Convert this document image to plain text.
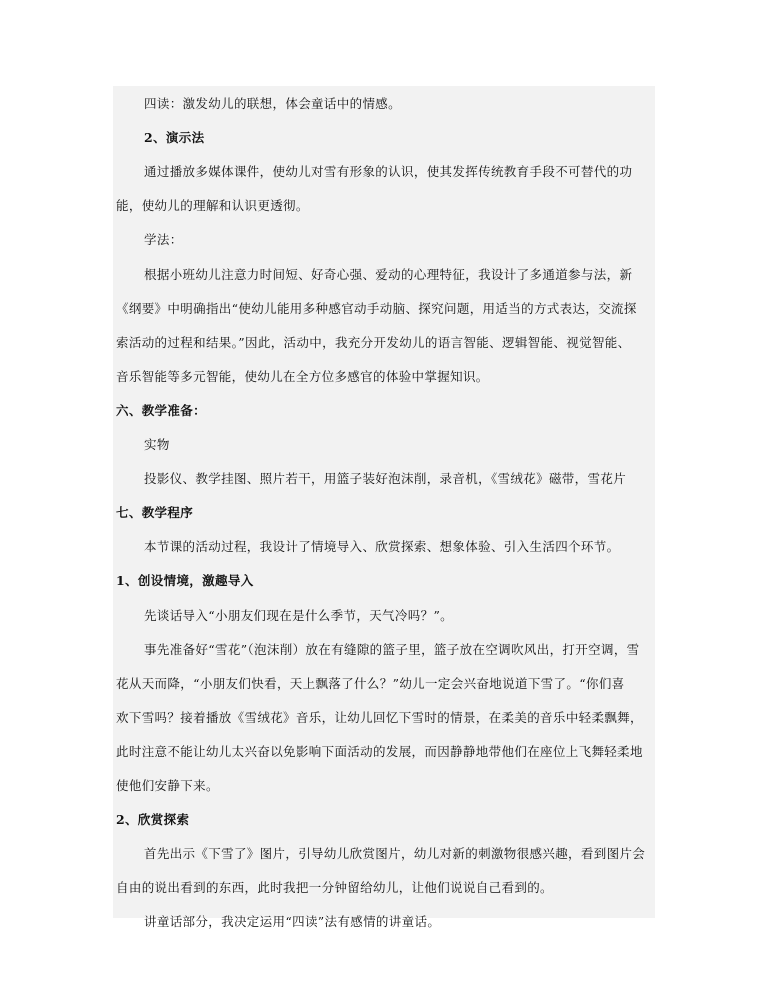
四读：激发幼儿的联想，体会童话中的情感。
2、演示法
通过播放多媒体课件，使幼儿对雪有形象的认识，使其发挥传统教育手段不可替代的功
能，使幼儿的理解和认识更透彻。
学法：
根据小班幼儿注意力时间短、好奇心强、爱动的心理特征，我设计了多通道参与法，新
《纲要》中明确指出“使幼儿能用多种感官动手动脑、探究问题，用适当的方式表达，交流探
索活动的过程和结果。”因此，活动中，我充分开发幼儿的语言智能、逻辑智能、视觉智能、
音乐智能等多元智能，使幼儿在全方位多感官的体验中掌握知识。
六、教学准备：
实物
投影仪、教学挂图、照片若干，用篮子装好泡沫削，录音机，《雪绒花》磁带，雪花片
七、教学程序
本节课的活动过程，我设计了情境导入、欣赏探索、想象体验、引入生活四个环节。
1、创设情境，激趣导入
先谈话导入“小朋友们现在是什么季节，天气冷吗？”。
事先准备好“雪花”（泡沫削）放在有缝隙的篮子里，篮子放在空调吹风出，打开空调，雪
花从天而降，“小朋友们快看，天上飘落了什么？”幼儿一定会兴奋地说道下雪了。“你们喜
欢下雪吗？接着播放《雪绒花》音乐，让幼儿回忆下雪时的情景，在柔美的音乐中轻柔飘舞，
此时注意不能让幼儿太兴奋以免影响下面活动的发展，而因静静地带他们在座位上飞舞轻柔地
使他们安静下来。
2、欣赏探索
首先出示《下雪了》图片，引导幼儿欣赏图片，幼儿对新的刺激物很感兴趣，看到图片会
自由的说出看到的东西，此时我把一分钟留给幼儿，让他们说说自己看到的。
讲童话部分，我决定运用“四读”法有感情的讲童话。
